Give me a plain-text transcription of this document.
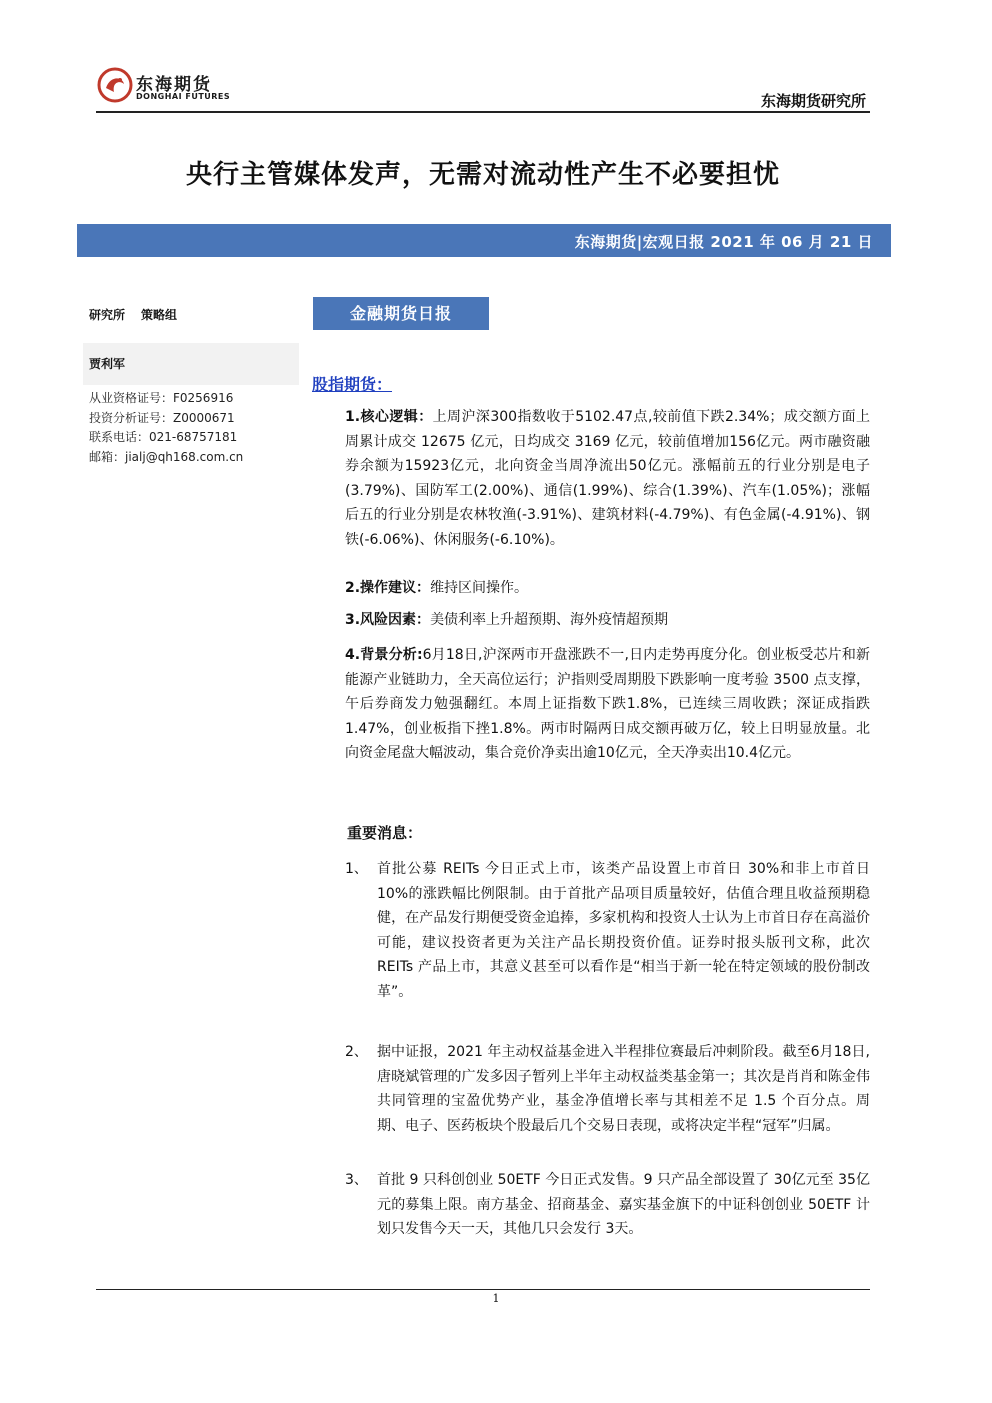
东海期货
DONGHAI FUTURES	东海期货研究所
央行主管媒体发声，无需对流动性产生不必要担忧
东海期货|宏观日报 2021 年 06 月 21 日
研究所 策略组
贾利军
从业资格证号：F0256916
投资分析证号：Z0000671
联系电话：021-68757181
邮箱：jialj@qh168.com.cn
金融期货日报
股指期货：
1.核心逻辑：上周沪深300指数收于5102.47点,较前值下跌2.34%；成交额方面上周累计成交 12675 亿元，日均成交 3169 亿元，较前值增加156亿元。两市融资融券余额为15923亿元，北向资金当周净流出50亿元。涨幅前五的行业分别是电子(3.79%)、国防军工(2.00%)、通信(1.99%)、综合(1.39%)、汽车(1.05%)；涨幅后五的行业分别是农林牧渔(-3.91%)、建筑材料(-4.79%)、有色金属(-4.91%)、钢铁(-6.06%)、休闲服务(-6.10%)。
2.操作建议：维持区间操作。
3.风险因素：美债利率上升超预期、海外疫情超预期
4.背景分析:6月18日,沪深两市开盘涨跌不一,日内走势再度分化。创业板受芯片和新能源产业链助力，全天高位运行；沪指则受周期股下跌影响一度考验 3500 点支撑，午后券商发力勉强翻红。本周上证指数下跌1.8%，已连续三周收跌；深证成指跌1.47%，创业板指下挫1.8%。两市时隔两日成交额再破万亿，较上日明显放量。北向资金尾盘大幅波动，集合竞价净卖出逾10亿元，全天净卖出10.4亿元。
重要消息：
1、 首批公募 REITs 今日正式上市，该类产品设置上市首日 30%和非上市首日 10%的涨跌幅比例限制。由于首批产品项目质量较好，估值合理且收益预期稳健，在产品发行期便受资金追捧，多家机构和投资人士认为上市首日存在高溢价可能，建议投资者更为关注产品长期投资价值。证券时报头版刊文称，此次 REITs 产品上市，其意义甚至可以看作是“相当于新一轮在特定领域的股份制改革”。
2、 据中证报，2021 年主动权益基金进入半程排位赛最后冲刺阶段。截至6月18日,唐晓斌管理的广发多因子暂列上半年主动权益类基金第一；其次是肖肖和陈金伟共同管理的宝盈优势产业，基金净值增长率与其相差不足 1.5 个百分点。周期、电子、医药板块个股最后几个交易日表现，或将决定半程“冠军”归属。
3、 首批 9 只科创创业 50ETF 今日正式发售。9 只产品全部设置了 30亿元至 35亿元的募集上限。南方基金、招商基金、嘉实基金旗下的中证科创创业 50ETF 计划只发售今天一天，其他几只会发行 3天。
1
